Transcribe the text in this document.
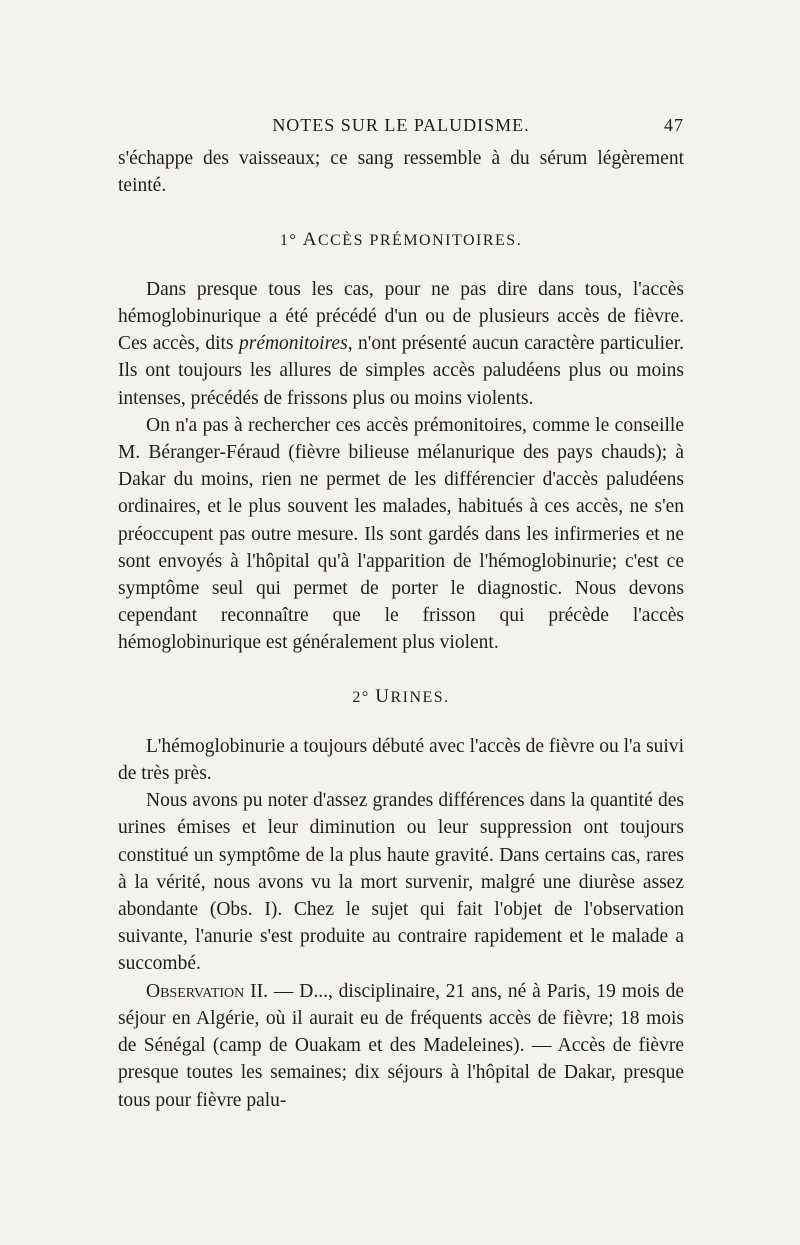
NOTES SUR LE PALUDISME.	47

s'échappe des vaisseaux; ce sang ressemble à du sérum légèrement teinté.

1° ACCÈS PRÉMONITOIRES.

Dans presque tous les cas, pour ne pas dire dans tous, l'accès hémoglobinurique a été précédé d'un ou de plusieurs accès de fièvre. Ces accès, dits prémonitoires, n'ont présenté aucun caractère particulier. Ils ont toujours les allures de simples accès paludéens plus ou moins intenses, précédés de frissons plus ou moins violents.

On n'a pas à rechercher ces accès prémonitoires, comme le conseille M. Béranger-Féraud (fièvre bilieuse mélanurique des pays chauds); à Dakar du moins, rien ne permet de les différencier d'accès paludéens ordinaires, et le plus souvent les malades, habitués à ces accès, ne s'en préoccupent pas outre mesure. Ils sont gardés dans les infirmeries et ne sont envoyés à l'hôpital qu'à l'apparition de l'hémoglobinurie; c'est ce symptôme seul qui permet de porter le diagnostic. Nous devons cependant reconnaître que le frisson qui précède l'accès hémoglobinurique est généralement plus violent.

2° URINES.

L'hémoglobinurie a toujours débuté avec l'accès de fièvre ou l'a suivi de très près.

Nous avons pu noter d'assez grandes différences dans la quantité des urines émises et leur diminution ou leur suppression ont toujours constitué un symptôme de la plus haute gravité. Dans certains cas, rares à la vérité, nous avons vu la mort survenir, malgré une diurèse assez abondante (Obs. I). Chez le sujet qui fait l'objet de l'observation suivante, l'anurie s'est produite au contraire rapidement et le malade a succombé.

Observation II. — D..., disciplinaire, 21 ans, né à Paris, 19 mois de séjour en Algérie, où il aurait eu de fréquents accès de fièvre; 18 mois de Sénégal (camp de Ouakam et des Madeleines). — Accès de fièvre presque toutes les semaines; dix séjours à l'hôpital de Dakar, presque tous pour fièvre palu-
